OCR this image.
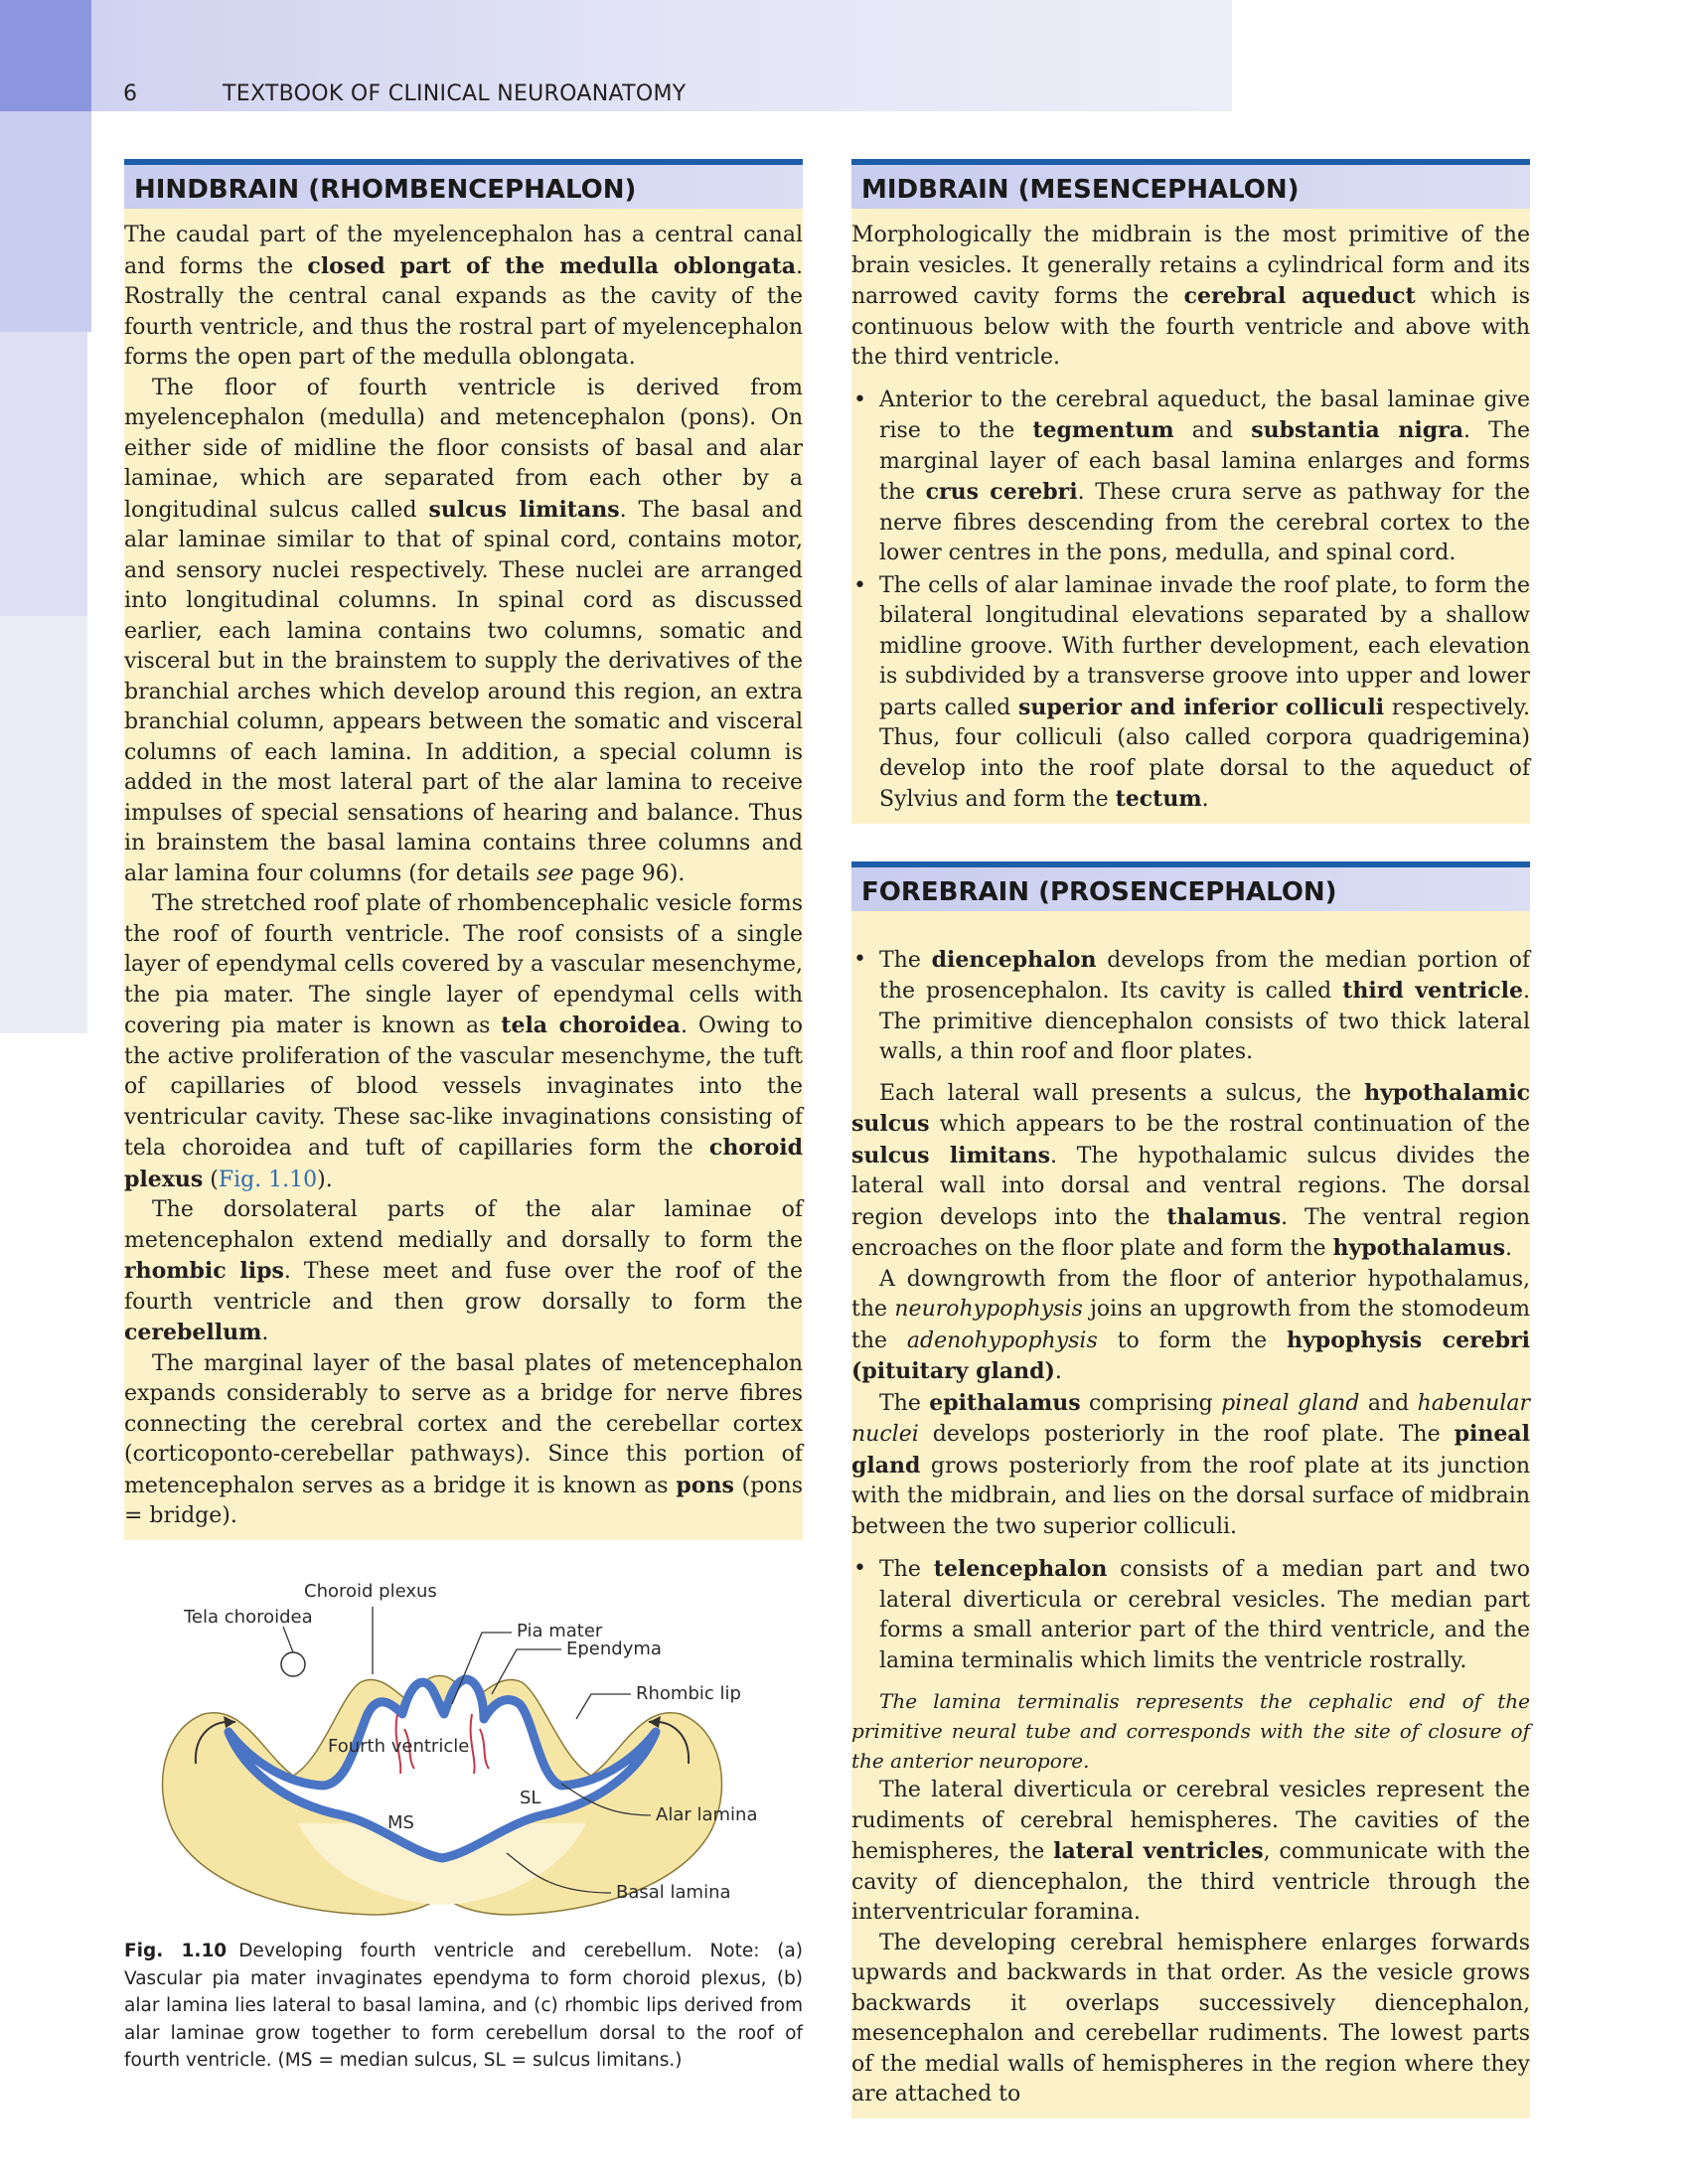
6	TEXTBOOK OF CLINICAL NEUROANATOMY
HINDBRAIN (RHOMBENCEPHALON)

The caudal part of the myelencephalon has a central canal and forms the closed part of the medulla oblongata. Rostrally the central canal expands as the cavity of the fourth ventricle, and thus the rostral part of myelencephalon forms the open part of the medulla oblongata.

The floor of fourth ventricle is derived from myelencephalon (medulla) and metencephalon (pons). On either side of midline the floor consists of basal and alar laminae, which are separated from each other by a longitudinal sulcus called sulcus limitans. The basal and alar laminae similar to that of spinal cord, contains motor, and sensory nuclei respectively. These nuclei are arranged into longitudinal columns. In spinal cord as discussed earlier, each lamina contains two columns, somatic and visceral but in the brainstem to supply the derivatives of the branchial arches which develop around this region, an extra branchial column, appears between the somatic and visceral columns of each lamina. In addition, a special column is added in the most lateral part of the alar lamina to receive impulses of special sensations of hearing and balance. Thus in brainstem the basal lamina contains three columns and alar lamina four columns (for details see page 96).

The stretched roof plate of rhombencephalic vesicle forms the roof of fourth ventricle. The roof consists of a single layer of ependymal cells covered by a vascular mesenchyme, the pia mater. The single layer of ependymal cells with covering pia mater is known as tela choroidea. Owing to the active proliferation of the vascular mesenchyme, the tuft of capillaries of blood vessels invaginates into the ventricular cavity. These sac-like invaginations consisting of tela choroidea and tuft of capillaries form the choroid plexus (Fig. 1.10).

The dorsolateral parts of the alar laminae of metencephalon extend medially and dorsally to form the rhombic lips. These meet and fuse over the roof of the fourth ventricle and then grow dorsally to form the cerebellum.

The marginal layer of the basal plates of metencephalon expands considerably to serve as a bridge for nerve fibres connecting the cerebral cortex and the cerebellar cortex (corticoponto-cerebellar pathways). Since this portion of metencephalon serves as a bridge it is known as pons (pons = bridge).

Choroid plexus
Pia mater
Tela choroidea
Ependyma
Rhombic lip
Fourth ventricle
SL
MS	Alar lamina
Basal lamina
Fig. 1.10 Developing fourth ventricle and cerebellum. Note: (a) Vascular pia mater invaginates ependyma to form choroid plexus, (b) alar lamina lies lateral to basal lamina, and (c) rhombic lips derived from alar laminae grow together to form cerebellum dorsal to the roof of fourth ventricle. (MS = median sulcus, SL = sulcus limitans.)
MIDBRAIN (MESENCEPHALON)

Morphologically the midbrain is the most primitive of the brain vesicles. It generally retains a cylindrical form and its narrowed cavity forms the cerebral aqueduct which is continuous below with the fourth ventricle and above with the third ventricle.

• Anterior to the cerebral aqueduct, the basal laminae give rise to the tegmentum and substantia nigra. The marginal layer of each basal lamina enlarges and forms the crus cerebri. These crura serve as pathway for the nerve fibres descending from the cerebral cortex to the lower centres in the pons, medulla, and spinal cord.
• The cells of alar laminae invade the roof plate, to form the bilateral longitudinal elevations separated by a shallow midline groove. With further development, each elevation is subdivided by a transverse groove into upper and lower parts called superior and inferior colliculi respectively. Thus, four colliculi (also called corpora quadrigemina) develop into the roof plate dorsal to the aqueduct of Sylvius and form the tectum.
FOREBRAIN (PROSENCEPHALON)
• The diencephalon develops from the median portion of the prosencephalon. Its cavity is called third ventricle. The primitive diencephalon consists of two thick lateral walls, a thin roof and floor plates.

Each lateral wall presents a sulcus, the hypothalamic sulcus which appears to be the rostral continuation of the sulcus limitans. The hypothalamic sulcus divides the lateral wall into dorsal and ventral regions. The dorsal region develops into the thalamus. The ventral region encroaches on the floor plate and form the hypothalamus.

A downgrowth from the floor of anterior hypothalamus, the neurohypophysis joins an upgrowth from the stomodeum the adenohypophysis to form the hypophysis cerebri (pituitary gland).

The epithalamus comprising pineal gland and habenular nuclei develops posteriorly in the roof plate. The pineal gland grows posteriorly from the roof plate at its junction with the midbrain, and lies on the dorsal surface of midbrain between the two superior colliculi.

• The telencephalon consists of a median part and two lateral diverticula or cerebral vesicles. The median part forms a small anterior part of the third ventricle, and the lamina terminalis which limits the ventricle rostrally.

The lamina terminalis represents the cephalic end of the primitive neural tube and corresponds with the site of closure of the anterior neuropore.

The lateral diverticula or cerebral vesicles represent the rudiments of cerebral hemispheres. The cavities of the hemispheres, the lateral ventricles, communicate with the cavity of diencephalon, the third ventricle through the interventricular foramina.

The developing cerebral hemisphere enlarges forwards upwards and backwards in that order. As the vesicle grows backwards it overlaps successively diencephalon, mesencephalon and cerebellar rudiments. The lowest parts of the medial walls of hemispheres in the region where they are attached to
